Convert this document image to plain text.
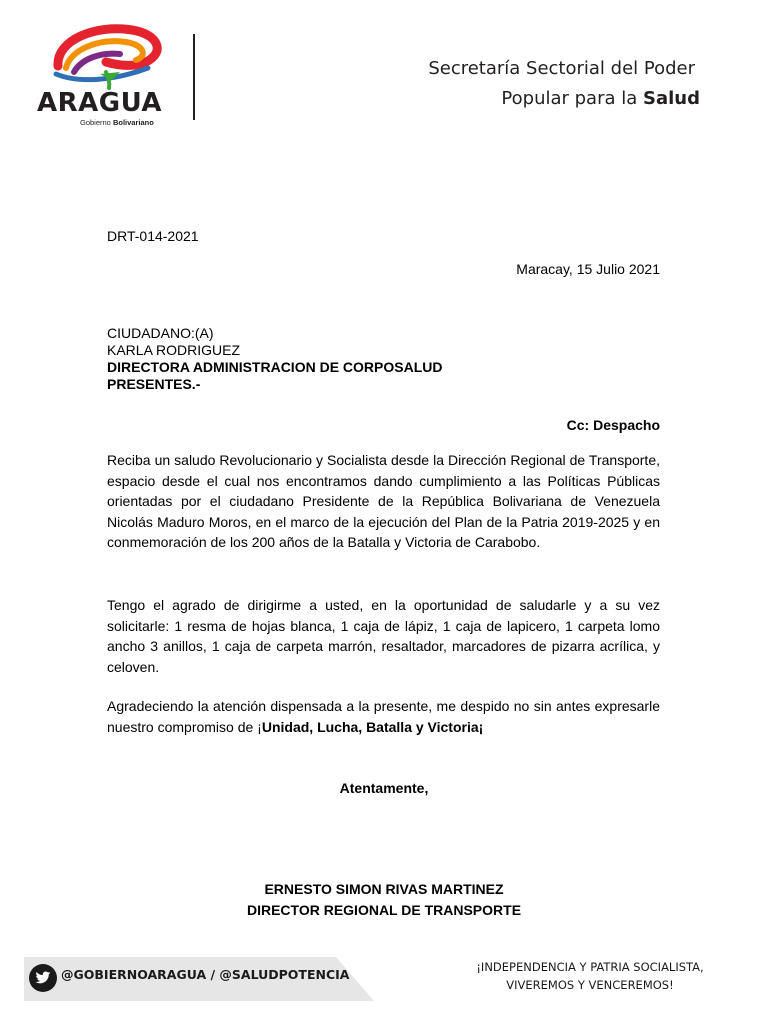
ARAGUA
Gobierno Bolivariano
Secretaría Sectorial del Poder
Popular para la Salud
DRT-014-2021
Maracay, 15 Julio 2021
CIUDADANO:(A)
KARLA RODRIGUEZ
DIRECTORA ADMINISTRACION DE CORPOSALUD
PRESENTES.-
Cc: Despacho
Reciba un saludo Revolucionario y Socialista desde la Dirección Regional de Transporte, espacio desde el cual nos encontramos dando cumplimiento a las Políticas Públicas orientadas por el ciudadano Presidente de la República Bolivariana de Venezuela Nicolás Maduro Moros, en el marco de la ejecución del Plan de la Patria 2019-2025 y en conmemoración de los 200 años de la Batalla y Victoria de Carabobo.
Tengo el agrado de dirigirme a usted, en la oportunidad de saludarle y a su vez solicitarle: 1 resma de hojas blanca, 1 caja de lápiz, 1 caja de lapicero, 1 carpeta lomo ancho 3 anillos, 1 caja de carpeta marrón, resaltador, marcadores de pizarra acrílica, y celoven.
Agradeciendo la atención dispensada a la presente, me despido no sin antes expresarle nuestro compromiso de ¡Unidad, Lucha, Batalla y Victoria¡
Atentamente,
ERNESTO SIMON RIVAS MARTINEZ
DIRECTOR REGIONAL DE TRANSPORTE
@GOBIERNOARAGUA / @SALUDPOTENCIA	¡INDEPENDENCIA Y PATRIA SOCIALISTA,
VIVEREMOS Y VENCEREMOS!
